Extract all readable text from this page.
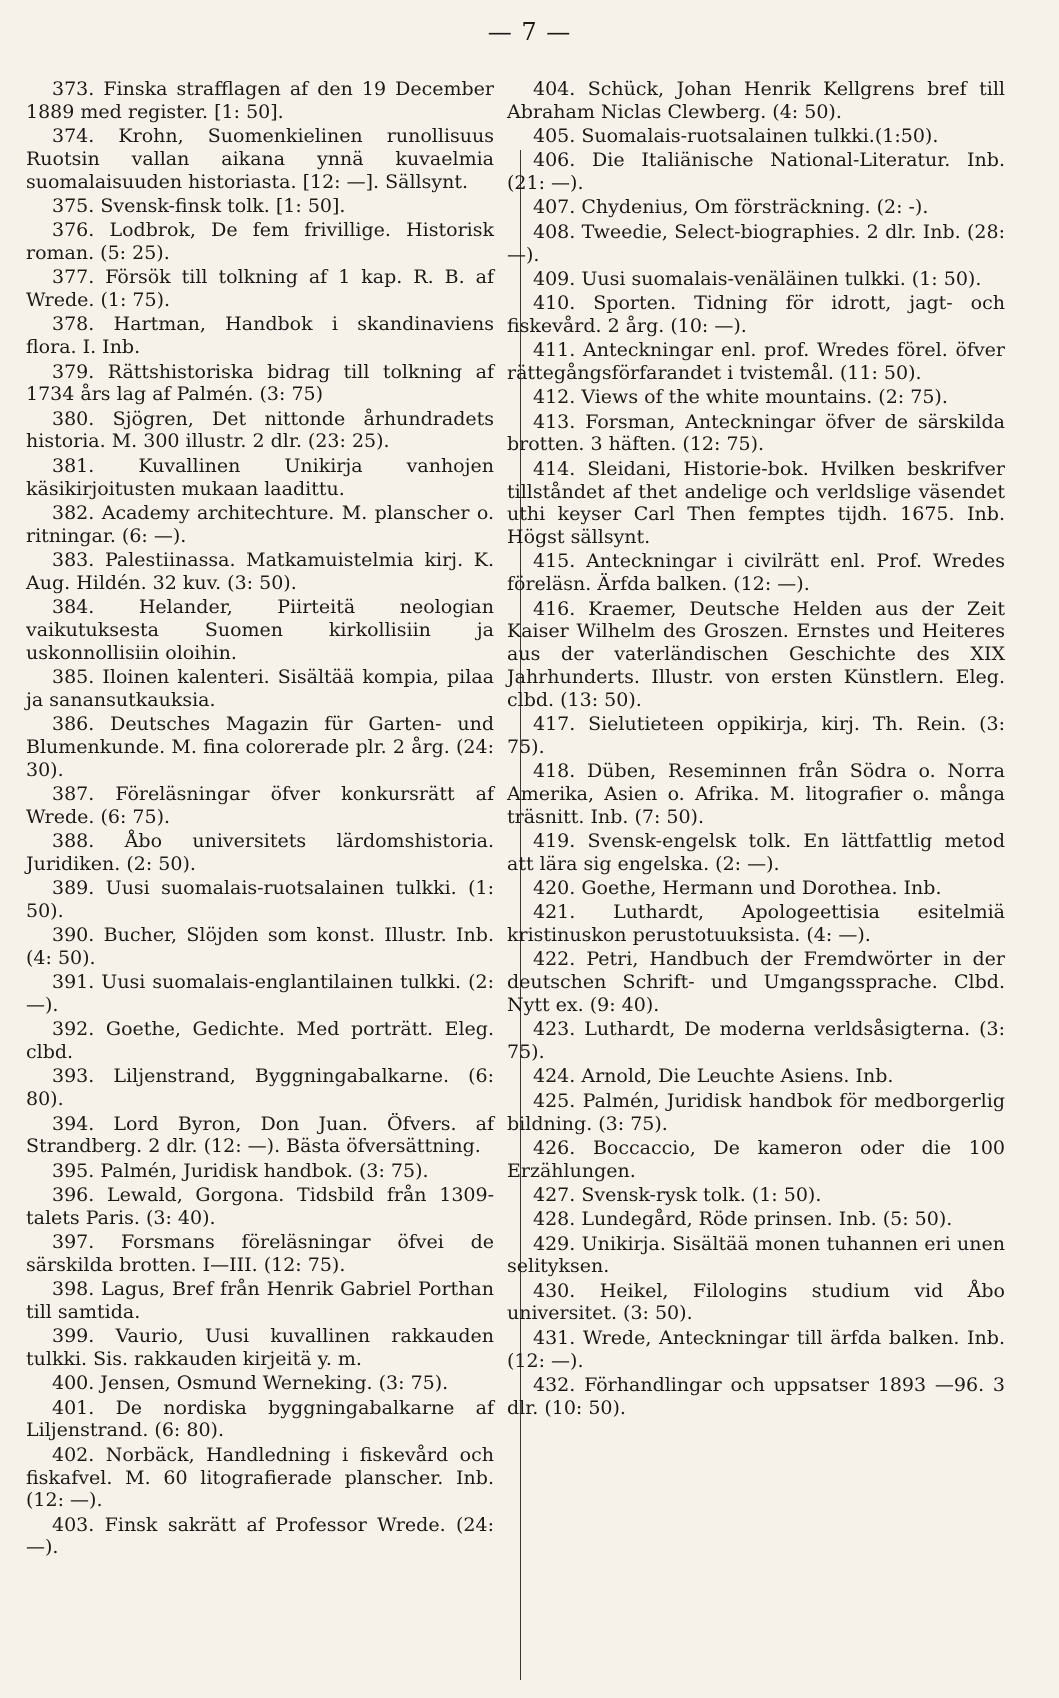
— 7 —

373. Finska strafflagen af den 19 December 1889 med register. [1: 50].

374. Krohn, Suomenkielinen runollisuus Ruotsin vallan aikana ynnä kuvaelmia suomalaisuuden historiasta. [12: —]. Sällsynt.

375. Svensk-finsk tolk. [1: 50].

376. Lodbrok, De fem frivillige. Historisk roman. (5: 25).

377. Försök till tolkning af 1 kap. R. B. af Wrede. (1: 75).

378. Hartman, Handbok i skandinaviens flora. I. Inb.

379. Rättshistoriska bidrag till tolkning af 1734 års lag af Palmén. (3: 75)

380. Sjögren, Det nittonde århundradets historia. M. 300 illustr. 2 dlr. (23: 25).

381. Kuvallinen Unikirja vanhojen käsikirjoitusten mukaan laadittu.

382. Academy architechture. M. planscher o. ritningar. (6: —).

383. Palestiinassa. Matkamuistelmia kirj. K. Aug. Hildén. 32 kuv. (3: 50).

384. Helander, Piirteitä neologian vaikutuksesta Suomen kirkollisiin ja uskonnollisiin oloihin.

385. Iloinen kalenteri. Sisältää kompia, pilaa ja sanansutkauksia.

386. Deutsches Magazin für Garten- und Blumenkunde. M. fina colorerade plr. 2 årg. (24: 30).

387. Föreläsningar öfver konkursrätt af Wrede. (6: 75).

388. Åbo universitets lärdomshistoria. Juridiken. (2: 50).

389. Uusi suomalais-ruotsalainen tulkki. (1: 50).

390. Bucher, Slöjden som konst. Illustr. Inb. (4: 50).

391. Uusi suomalais-englantilainen tulkki. (2: —).

392. Goethe, Gedichte. Med porträtt. Eleg. clbd.

393. Liljenstrand, Byggningabalkarne. (6: 80).

394. Lord Byron, Don Juan. Öfvers. af Strandberg. 2 dlr. (12: —). Bästa öfversättning.

395. Palmén, Juridisk handbok. (3: 75).

396. Lewald, Gorgona. Tidsbild från 1309-talets Paris. (3: 40).

397. Forsmans föreläsningar öfvei de särskilda brotten. I—III. (12: 75).

398. Lagus, Bref från Henrik Gabriel Porthan till samtida.

399. Vaurio, Uusi kuvallinen rakkauden tulkki. Sis. rakkauden kirjeitä y. m.

400. Jensen, Osmund Werneking. (3: 75).

401. De nordiska byggningabalkarne af Liljenstrand. (6: 80).

402. Norbäck, Handledning i fiskevård och fiskafvel. M. 60 litografierade planscher. Inb. (12: —).

403. Finsk sakrätt af Professor Wrede. (24: —).

404. Schück, Johan Henrik Kellgrens bref till Abraham Niclas Clewberg. (4: 50).

405. Suomalais-ruotsalainen tulkki.(1:50).

406. Die Italiänische National-Literatur. Inb. (21: —).

407. Chydenius, Om försträckning. (2: -).

408. Tweedie, Select-biographies. 2 dlr. Inb. (28: —).

409. Uusi suomalais-venäläinen tulkki. (1: 50).

410. Sporten. Tidning för idrott, jagt- och fiskevård. 2 årg. (10: —).

411. Anteckningar enl. prof. Wredes förel. öfver rättegångsförfarandet i tvistemål. (11: 50).

412. Views of the white mountains. (2: 75).

413. Forsman, Anteckningar öfver de särskilda brotten. 3 häften. (12: 75).

414. Sleidani, Historie-bok. Hvilken beskrifver tillståndet af thet andelige och verldslige väsendet uthi keyser Carl Then femptes tijdh. 1675. Inb. Högst sällsynt.

415. Anteckningar i civilrätt enl. Prof. Wredes föreläsn. Ärfda balken. (12: —).

416. Kraemer, Deutsche Helden aus der Zeit Kaiser Wilhelm des Groszen. Ernstes und Heiteres aus der vaterländischen Geschichte des XIX Jahrhunderts. Illustr. von ersten Künstlern. Eleg. clbd. (13: 50).

417. Sielutieteen oppikirja, kirj. Th. Rein. (3: 75).

418. Düben, Reseminnen från Södra o. Norra Amerika, Asien o. Afrika. M. litografier o. många träsnitt. Inb. (7: 50).

419. Svensk-engelsk tolk. En lättfattlig metod att lära sig engelska. (2: —).

420. Goethe, Hermann und Dorothea. Inb.

421. Luthardt, Apologeettisia esitelmiä kristinuskon perustotuuksista. (4: —).

422. Petri, Handbuch der Fremdwörter in der deutschen Schrift- und Umgangssprache. Clbd. Nytt ex. (9: 40).

423. Luthardt, De moderna verldsåsigterna. (3: 75).

424. Arnold, Die Leuchte Asiens. Inb.

425. Palmén, Juridisk handbok för medborgerlig bildning. (3: 75).

426. Boccaccio, De kameron oder die 100 Erzählungen.

427. Svensk-rysk tolk. (1: 50).

428. Lundegård, Röde prinsen. Inb. (5: 50).

429. Unikirja. Sisältää monen tuhannen eri unen selityksen.

430. Heikel, Filologins studium vid Åbo universitet. (3: 50).

431. Wrede, Anteckningar till ärfda balken. Inb. (12: —).

432. Förhandlingar och uppsatser 1893 —96. 3 dlr. (10: 50).
